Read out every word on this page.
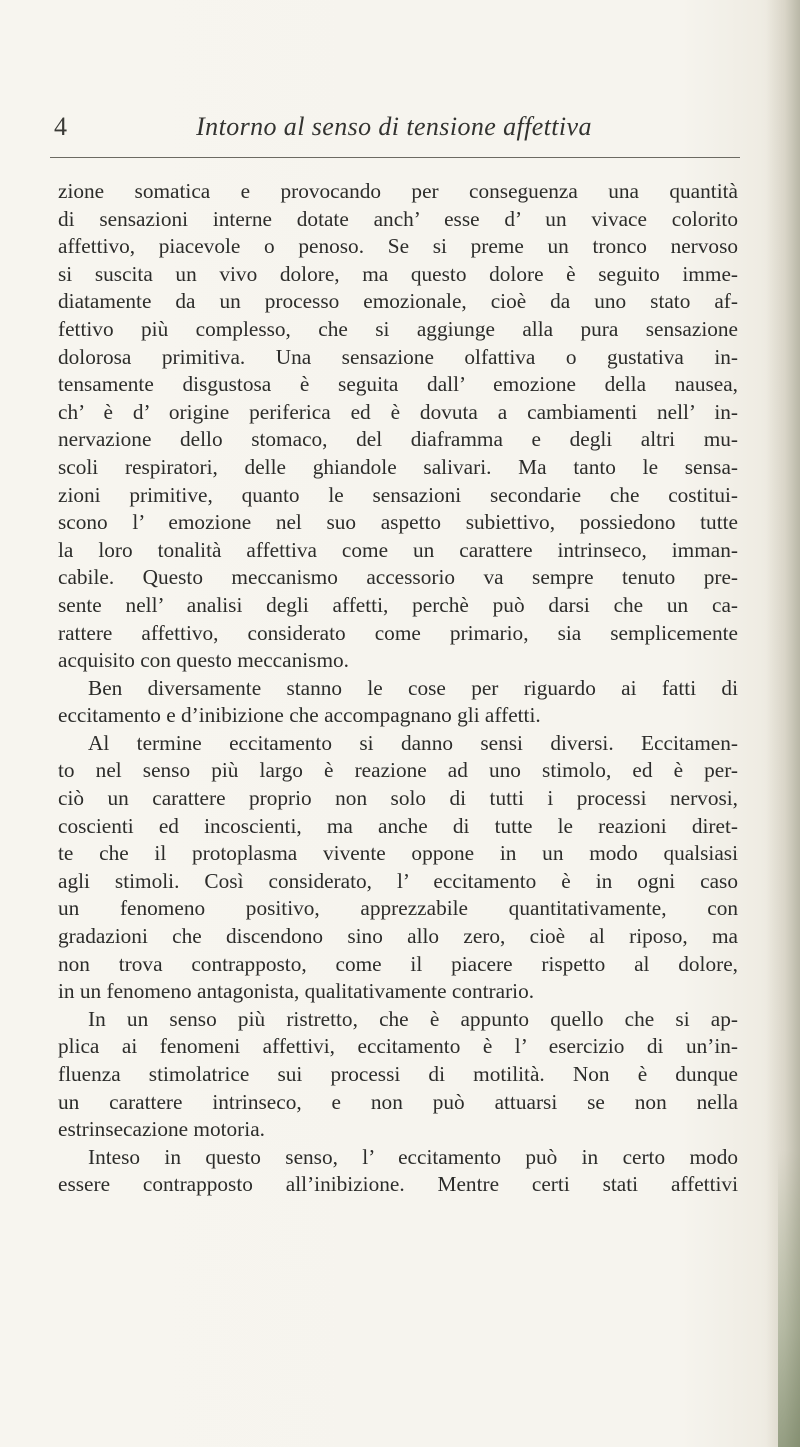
4	Intorno al senso di tensione affettiva
zione somatica e provocando per conseguenza una quantità
di sensazioni interne dotate anch’ esse d’ un vivace colorito
affettivo, piacevole o penoso. Se si preme un tronco nervoso
si suscita un vivo dolore, ma questo dolore è seguito imme-
diatamente da un processo emozionale, cioè da uno stato af-
fettivo più complesso, che si aggiunge alla pura sensazione
dolorosa primitiva. Una sensazione olfattiva o gustativa in-
tensamente disgustosa è seguita dall’ emozione della nausea,
ch’ è d’ origine periferica ed è dovuta a cambiamenti nell’ in-
nervazione dello stomaco, del diaframma e degli altri mu-
scoli respiratori, delle ghiandole salivari. Ma tanto le sensa-
zioni primitive, quanto le sensazioni secondarie che costitui-
scono l’ emozione nel suo aspetto subiettivo, possiedono tutte
la loro tonalità affettiva come un carattere intrinseco, imman-
cabile. Questo meccanismo accessorio va sempre tenuto pre-
sente nell’ analisi degli affetti, perchè può darsi che un ca-
rattere affettivo, considerato come primario, sia semplicemente
acquisito con questo meccanismo.
Ben diversamente stanno le cose per riguardo ai fatti di
eccitamento e d’inibizione che accompagnano gli affetti.
Al termine eccitamento si danno sensi diversi. Eccitamen-
to nel senso più largo è reazione ad uno stimolo, ed è per-
ciò un carattere proprio non solo di tutti i processi nervosi,
coscienti ed incoscienti, ma anche di tutte le reazioni diret-
te che il protoplasma vivente oppone in un modo qualsiasi
agli stimoli. Così considerato, l’ eccitamento è in ogni caso
un fenomeno positivo, apprezzabile quantitativamente, con
gradazioni che discendono sino allo zero, cioè al riposo, ma
non trova contrapposto, come il piacere rispetto al dolore,
in un fenomeno antagonista, qualitativamente contrario.
In un senso più ristretto, che è appunto quello che si ap-
plica ai fenomeni affettivi, eccitamento è l’ esercizio di un’in-
fluenza stimolatrice sui processi di motilità. Non è dunque
un carattere intrinseco, e non può attuarsi se non nella
estrinsecazione motoria.
Inteso in questo senso, l’ eccitamento può in certo modo
essere contrapposto all’inibizione. Mentre certi stati affettivi
